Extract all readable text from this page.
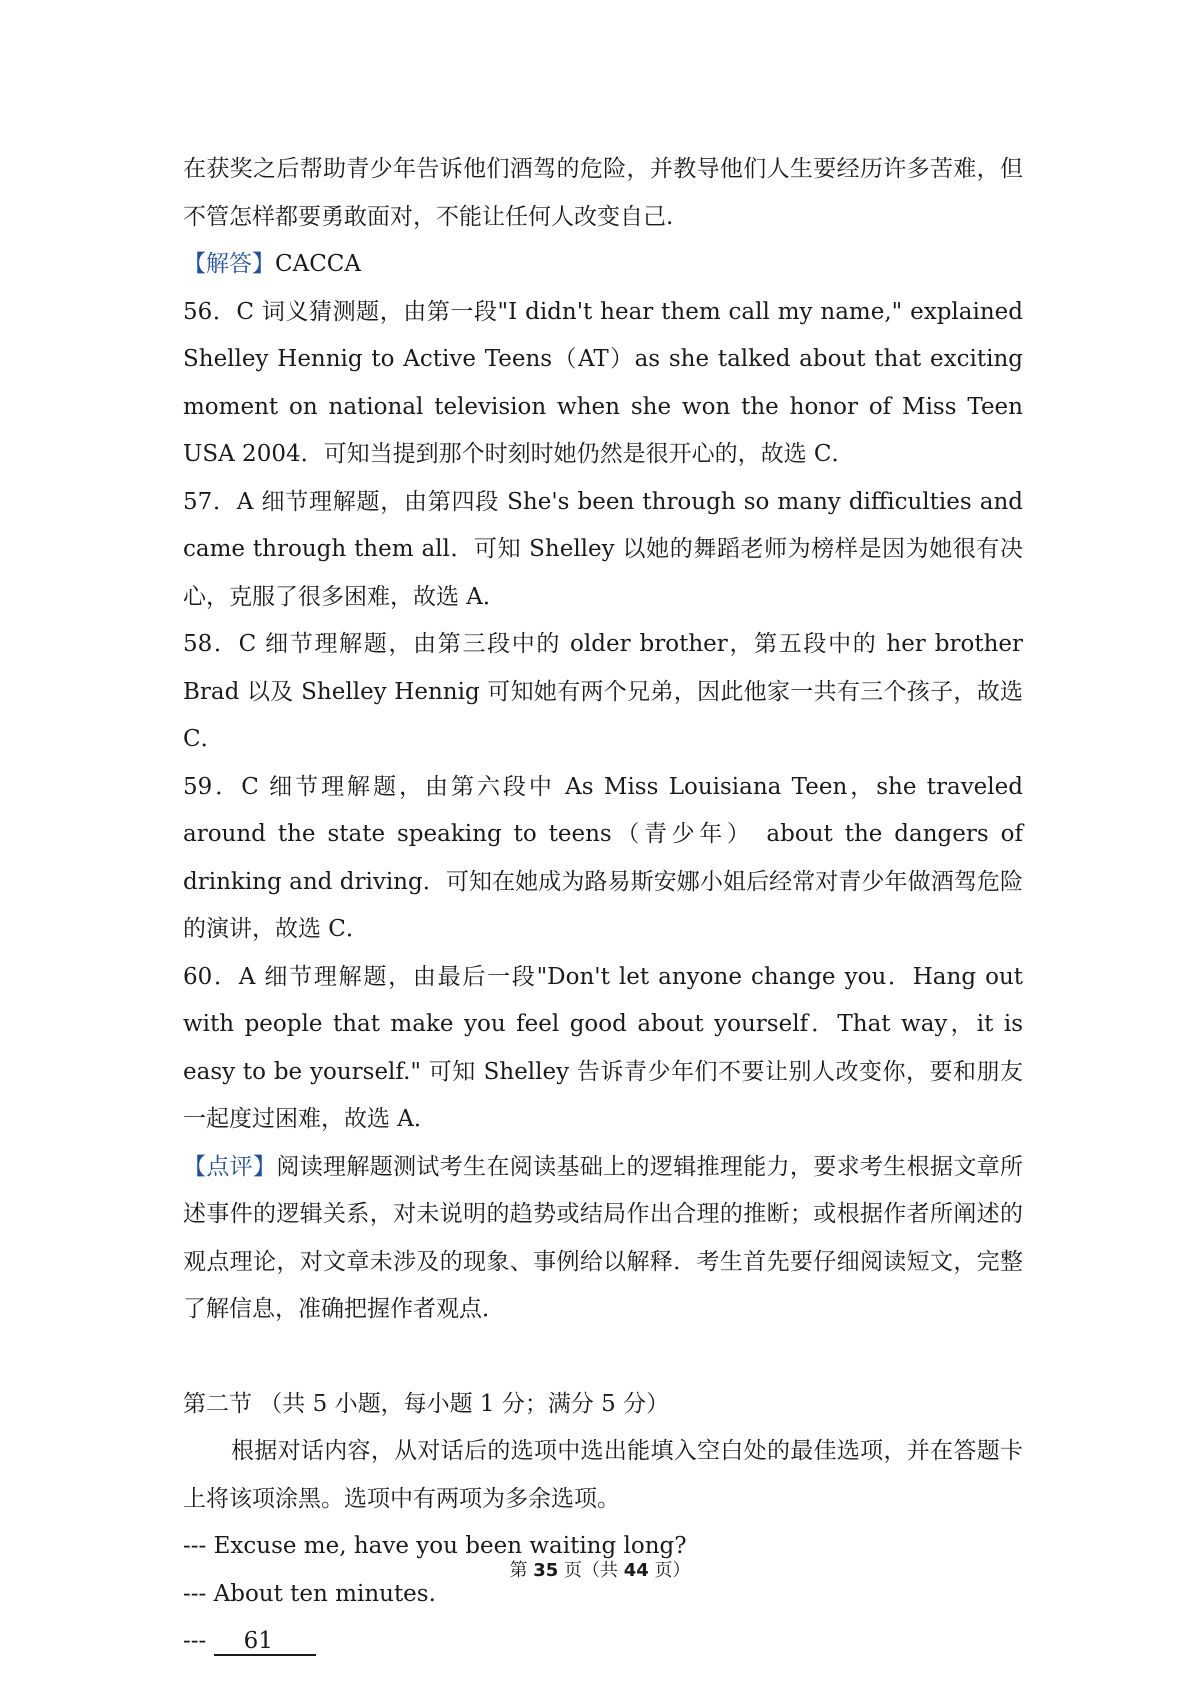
在获奖之后帮助青少年告诉他们酒驾的危险，并教导他们人生要经历许多苦难，但不管怎样都要勇敢面对，不能让任何人改变自己.

【解答】CACCA

56．C 词义猜测题，由第一段"I didn't hear them call my name," explained Shelley Hennig to Active Teens（AT）as she talked about that exciting moment on national television when she won the honor of Miss Teen USA 2004．可知当提到那个时刻时她仍然是很开心的，故选 C．

57．A 细节理解题，由第四段 She's been through so many difficulties and came through them all．可知 Shelley 以她的舞蹈老师为榜样是因为她很有决心，克服了很多困难，故选 A．

58．C 细节理解题，由第三段中的 older brother，第五段中的 her brother Brad 以及 Shelley Hennig 可知她有两个兄弟，因此他家一共有三个孩子，故选 C．

59．C 细节理解题，由第六段中 As Miss Louisiana Teen，she traveled around the state speaking to teens（青少年） about the dangers of drinking and driving．可知在她成为路易斯安娜小姐后经常对青少年做酒驾危险的演讲，故选 C．

60．A 细节理解题，由最后一段"Don't let anyone change you．Hang out with people that make you feel good about yourself．That way，it is easy to be yourself." 可知 Shelley 告诉青少年们不要让别人改变你，要和朋友一起度过困难，故选 A．

【点评】阅读理解题测试考生在阅读基础上的逻辑推理能力，要求考生根据文章所述事件的逻辑关系，对未说明的趋势或结局作出合理的推断；或根据作者所阐述的观点理论，对文章未涉及的现象、事例给以解释．考生首先要仔细阅读短文，完整了解信息，准确把握作者观点．

第二节 （共 5 小题，每小题 1 分；满分 5 分）

根据对话内容，从对话后的选项中选出能填入空白处的最佳选项，并在答题卡上将该项涂黑。选项中有两项为多余选项。

--- Excuse me, have you been waiting long?

--- About ten minutes.

--- 61

第 35 页（共 44 页）
